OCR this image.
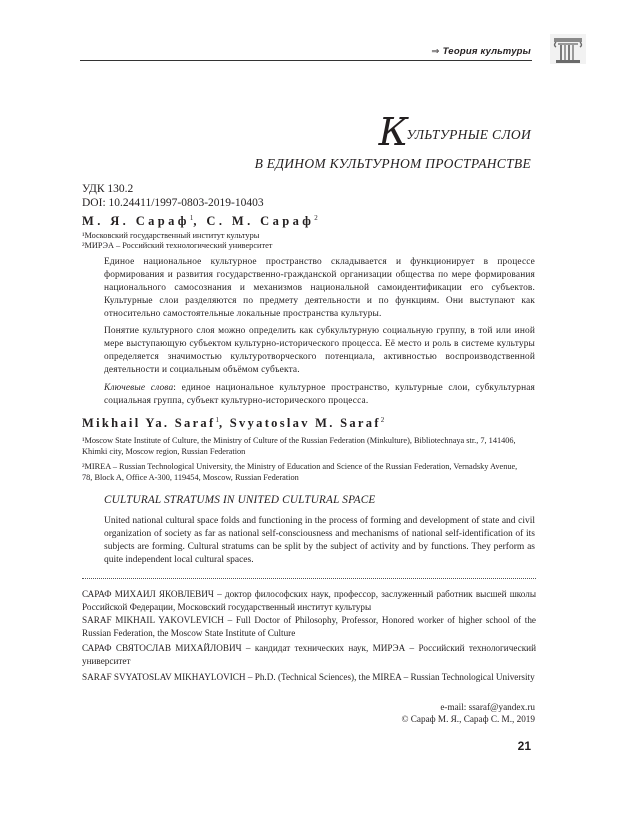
⇒ Теория культуры
КУЛЬТУРНЫЕ СЛОИ
В ЕДИНОМ КУЛЬТУРНОМ ПРОСТРАНСТВЕ
УДК 130.2
DOI: 10.24411/1997-0803-2019-10403
М. Я. Сараф$^1$, С. М. Сараф$^2$
¹Московский государственный институт культуры
²МИРЭА – Российский технологический университет
Единое национальное культурное пространство складывается и функционирует в процессе формирования и развития государственно-гражданской организации общества по мере формирования национального самосознания и механизмов национальной самоидентификации его субъектов. Культурные слои разделяются по предмету деятельности и по функциям. Они выступают как относительно самостоятельные локальные пространства культуры.
Понятие культурного слоя можно определить как субкультурную социальную группу, в той или иной мере выступающую субъектом культурно-исторического процесса. Её место и роль в системе культуры определяется значимостью культуротворческого потенциала, активностью воспроизводственной деятельности и социальным объёмом субъекта.
Ключевые слова: единое национальное культурное пространство, культурные слои, субкультурная социальная группа, субъект культурно-исторического процесса.
Mikhail Ya. Saraf$^1$, Svyatoslav M. Saraf$^2$
¹Moscow State Institute of Culture, the Ministry of Culture of the Russian Federation (Minkulture), Bibliotechnaya str., 7, 141406, Khimki city, Moscow region, Russian Federation
²MIREA – Russian Technological University, the Ministry of Education and Science of the Russian Federation, Vernadsky Avenue, 78, Block A, Office A-300, 119454, Moscow, Russian Federation
CULTURAL STRATUMS IN UNITED CULTURAL SPACE
United national cultural space folds and functioning in the process of forming and development of state and civil organization of society as far as national self-consciousness and mechanisms of national self-identification of its subjects are forming. Cultural stratums can be split by the subject of activity and by functions. They perform as quite independent local cultural spaces.
САРАФ МИХАИЛ ЯКОВЛЕВИЧ – доктор философских наук, профессор, заслуженный работник высшей школы Российской Федерации, Московский государственный институт культуры
SARAF MIKHAIL YAKOVLEVICH – Full Doctor of Philosophy, Professor, Honored worker of higher school of the Russian Federation, the Moscow State Institute of Culture
САРАФ СВЯТОСЛАВ МИХАЙЛОВИЧ – кандидат технических наук, МИРЭА – Российский технологический университет
SARAF SVYATOSLAV MIKHAYLOVICH – Ph.D. (Technical Sciences), the MIREA – Russian Technological University
e-mail: ssaraf@yandex.ru
© Сараф М. Я., Сараф С. М., 2019
21
